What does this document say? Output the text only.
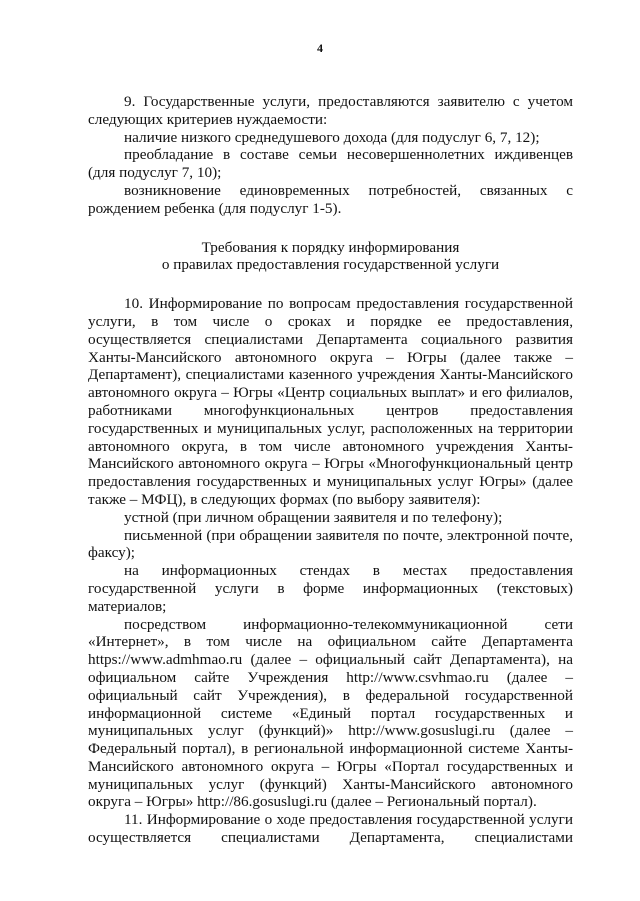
4

9. Государственные услуги, предоставляются заявителю с учетом следующих критериев нуждаемости:

наличие низкого среднедушевого дохода (для подуслуг 6, 7, 12);

преобладание в составе семьи несовершеннолетних иждивенцев (для подуслуг 7, 10);

возникновение единовременных потребностей, связанных с рождением ребенка (для подуслуг 1-5).

Требования к порядку информирования
о правилах предоставления государственной услуги

10. Информирование по вопросам предоставления государственной услуги, в том числе о сроках и порядке ее предоставления, осуществляется специалистами Департамента социального развития Ханты-Мансийского автономного округа – Югры (далее также – Департамент), специалистами казенного учреждения Ханты-Мансийского автономного округа – Югры «Центр социальных выплат» и его филиалов, работниками многофункциональных центров предоставления государственных и муниципальных услуг, расположенных на территории автономного округа, в том числе автономного учреждения Ханты-Мансийского автономного округа – Югры «Многофункциональный центр предоставления государственных и муниципальных услуг Югры» (далее также – МФЦ), в следующих формах (по выбору заявителя):

устной (при личном обращении заявителя и по телефону);

письменной (при обращении заявителя по почте, электронной почте, факсу);

на информационных стендах в местах предоставления государственной услуги в форме информационных (текстовых) материалов;

посредством информационно-телекоммуникационной сети «Интернет», в том числе на официальном сайте Департамента https://www.admhmao.ru (далее – официальный сайт Департамента), на официальном сайте Учреждения http://www.csvhmao.ru (далее – официальный сайт Учреждения), в федеральной государственной информационной системе «Единый портал государственных и муниципальных услуг (функций)» http://www.gosuslugi.ru (далее – Федеральный портал), в региональной информационной системе Ханты-Мансийского автономного округа – Югры «Портал государственных и муниципальных услуг (функций) Ханты-Мансийского автономного округа – Югры» http://86.gosuslugi.ru (далее – Региональный портал).

11. Информирование о ходе предоставления государственной услуги осуществляется специалистами Департамента, специалистами
